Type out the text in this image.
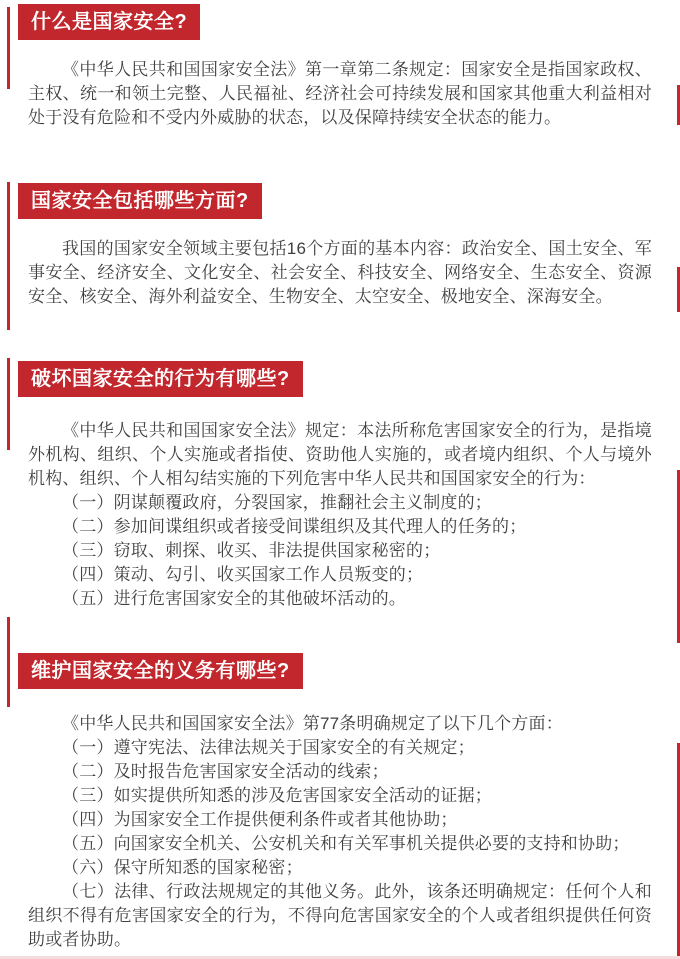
什么是国家安全?

《中华人民共和国国家安全法》第一章第二条规定：国家安全是指国家政权、主权、统一和领土完整、人民福祉、经济社会可持续发展和国家其他重大利益相对处于没有危险和不受内外威胁的状态，以及保障持续安全状态的能力。

国家安全包括哪些方面?

我国的国家安全领域主要包括16个方面的基本内容：政治安全、国土安全、军事安全、经济安全、文化安全、社会安全、科技安全、网络安全、生态安全、资源安全、核安全、海外利益安全、生物安全、太空安全、极地安全、深海安全。

破坏国家安全的行为有哪些?

《中华人民共和国国家安全法》规定：本法所称危害国家安全的行为，是指境外机构、组织、个人实施或者指使、资助他人实施的，或者境内组织、个人与境外机构、组织、个人相勾结实施的下列危害中华人民共和国国家安全的行为：

（一）阴谋颠覆政府，分裂国家，推翻社会主义制度的；

（二）参加间谍组织或者接受间谍组织及其代理人的任务的；

（三）窃取、刺探、收买、非法提供国家秘密的；

（四）策动、勾引、收买国家工作人员叛变的；

（五）进行危害国家安全的其他破坏活动的。

维护国家安全的义务有哪些?

《中华人民共和国国家安全法》第77条明确规定了以下几个方面：

（一）遵守宪法、法律法规关于国家安全的有关规定；

（二）及时报告危害国家安全活动的线索；

（三）如实提供所知悉的涉及危害国家安全活动的证据；

（四）为国家安全工作提供便利条件或者其他协助；

（五）向国家安全机关、公安机关和有关军事机关提供必要的支持和协助；

（六）保守所知悉的国家秘密；

（七）法律、行政法规规定的其他义务。此外，该条还明确规定：任何个人和组织不得有危害国家安全的行为，不得向危害国家安全的个人或者组织提供任何资助或者协助。
